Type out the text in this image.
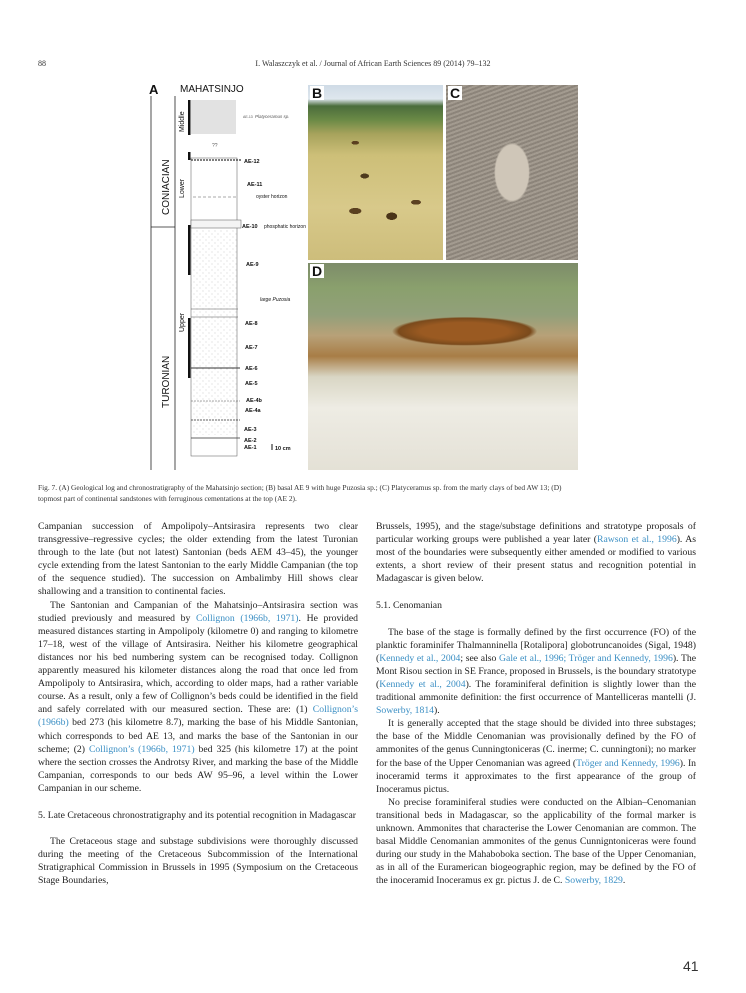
88	I. Walaszczyk et al. / Journal of African Earth Sciences 89 (2014) 79–132
A MAHATSINJO
CONIACIAN
TURONIAN
Middle
Lower
Upper
AE-13 Platyceramus sp.
??
AE-12
AE-11
oyster horizon
AE-10 phosphatic horizon
AE-9
large Puzosia
AE-8
AE-7
AE-6
AE-5
AE-4b
AE-4a
AE-3
AE-2
AE-1	10 cm
B	C
D
Fig. 7. (A) Geological log and chronostratigraphy of the Mahatsinjo section; (B) basal AE 9 with huge Puzosia sp.; (C) Platyceramus sp. from the marly clays of bed AW 13; (D)
topmost part of continental sandstones with ferruginous cementations at the top (AE 2).

Campanian succession of Ampolipoly–Antsirasira represents two clear transgressive–regressive cycles; the older extending from the latest Turonian through to the late (but not latest) Santonian (beds AEM 43–45), the younger cycle extending from the latest Santonian to the early Middle Campanian (the top of the sequence studied). The succession on Ambalimby Hill shows clear shallowing and a transition to continental facies.

The Santonian and Campanian of the Mahatsinjo–Antsirasira section was studied previously and measured by Collignon (1966b, 1971). He provided measured distances starting in Ampolipoly (kilometre 0) and ranging to kilometre 17–18, west of the village of Antsirasira. Neither his kilometre geographical distances nor his bed numbering system can be recognised today. Collignon apparently measured his kilometer distances along the road that once led from Ampolipoly to Antsirasira, which, according to older maps, had a rather variable course. As a result, only a few of Collignon’s beds could be identified in the field and safely correlated with our measured section. These are: (1) Collignon’s (1966b) bed 273 (his kilometre 8.7), marking the base of his Middle Santonian, which corresponds to bed AE 13, and marks the base of the Santonian in our scheme; (2) Collignon’s (1966b, 1971) bed 325 (his kilometre 17) at the point where the section crosses the Androtsy River, and marking the base of the Middle Campanian, corresponds to our beds AW 95–96, a level within the Lower Campanian in our scheme.

5. Late Cretaceous chronostratigraphy and its potential recognition in Madagascar

The Cretaceous stage and substage subdivisions were thoroughly discussed during the meeting of the Cretaceous Subcommission of the International Stratigraphical Commission in Brussels in 1995 (Symposium on the Cretaceous Stage Boundaries,

Brussels, 1995), and the stage/substage definitions and stratotype proposals of particular working groups were published a year later (Rawson et al., 1996). As most of the boundaries were subsequently either amended or modified to various extents, a short review of their present status and recognition potential in Madagascar is given below.

5.1. Cenomanian

The base of the stage is formally defined by the first occurrence (FO) of the planktic foraminifer Thalmanninella [Rotalipora] globotruncanoides (Sigal, 1948) (Kennedy et al., 2004; see also Gale et al., 1996; Tröger and Kennedy, 1996). The Mont Risou section in SE France, proposed in Brussels, is the boundary stratotype (Kennedy et al., 2004). The foraminiferal definition is slightly lower than the traditional ammonite definition: the first occurrence of Mantelliceras mantelli (J. Sowerby, 1814).

It is generally accepted that the stage should be divided into three substages; the base of the Middle Cenomanian was provisionally defined by the FO of ammonites of the genus Cunningtoniceras (C. inerme; C. cunningtoni); no marker for the base of the Upper Cenomanian was agreed (Tröger and Kennedy, 1996). In inoceramid terms it approximates to the first appearance of the group of Inoceramus pictus.

No precise foraminiferal studies were conducted on the Albian–Cenomanian transitional beds in Madagascar, so the applicability of the formal marker is unknown. Ammonites that characterise the Lower Cenomanian are common. The basal Middle Cenomanian ammonites of the genus Cunnigntoniceras were found during our study in the Mahaboboka section. The base of the Upper Cenomanian, as in all of the Euramerican biogeographic region, may be defined by the FO of the inoceramid Inoceramus ex gr. pictus J. de C. Sowerby, 1829.

41
